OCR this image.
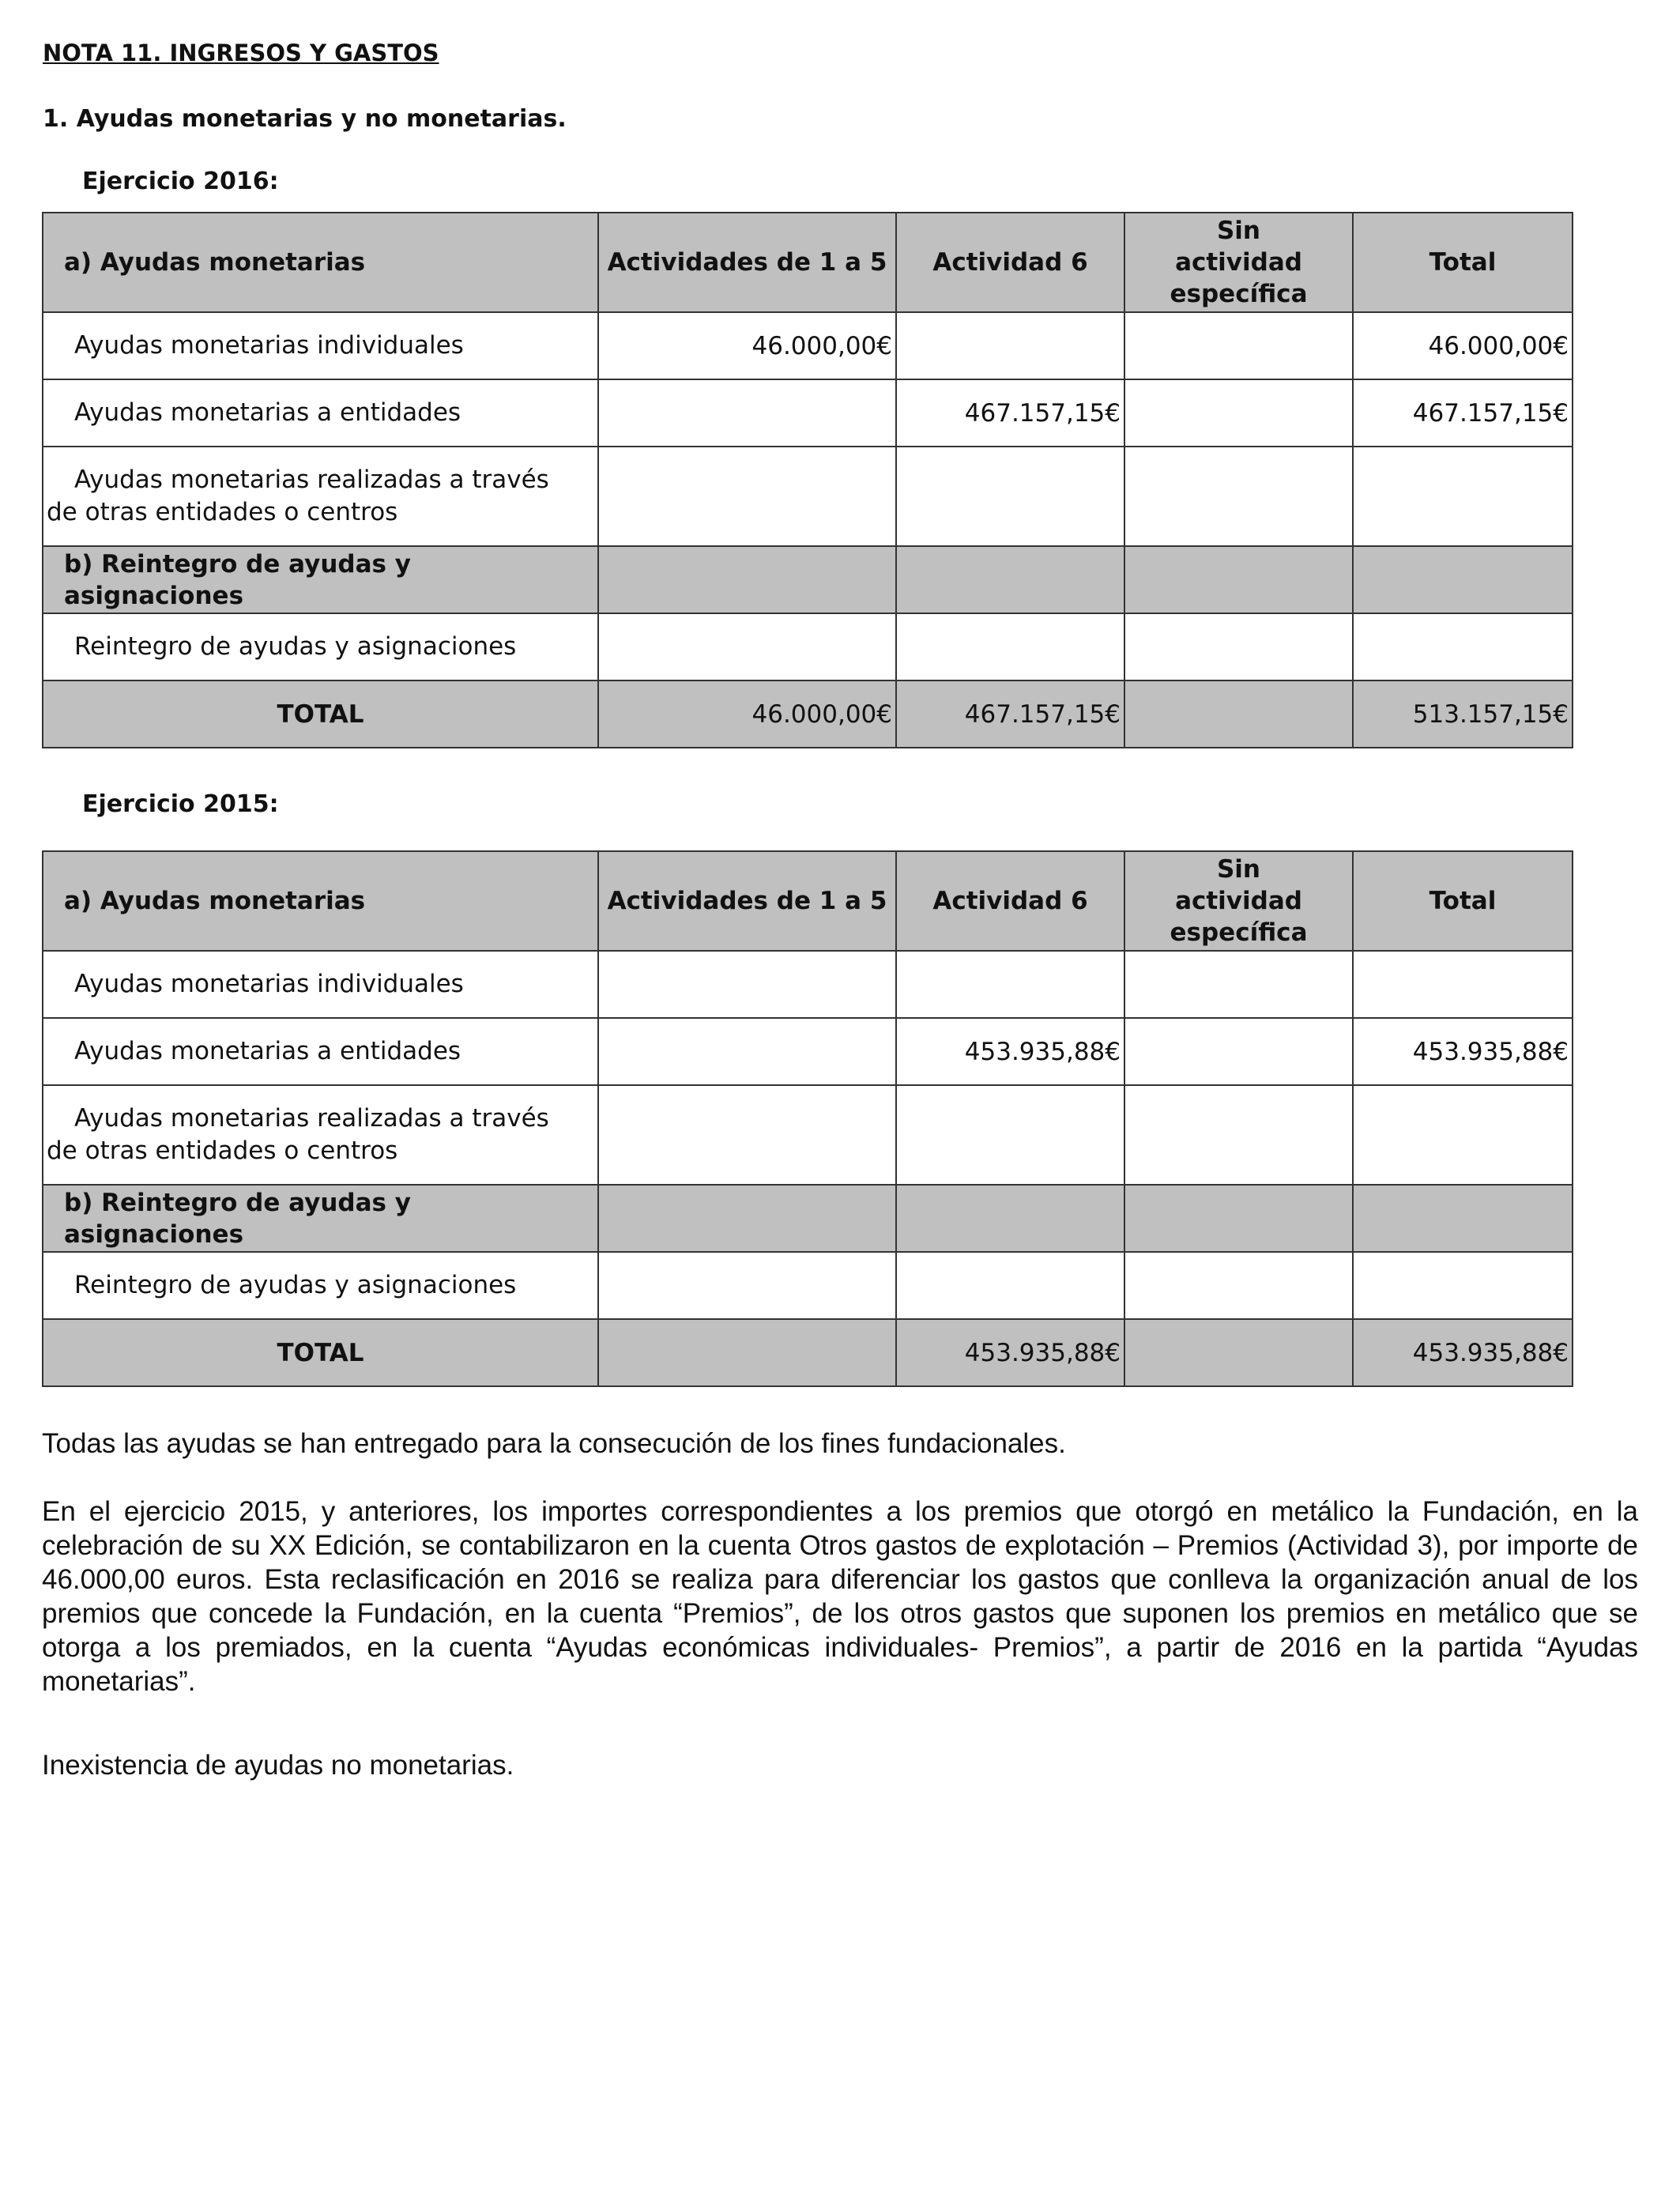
NOTA 11. INGRESOS Y GASTOS
1. Ayudas monetarias y no monetarias.
Ejercicio 2016:
a) Ayudas monetarias	Actividades de 1 a 5	Actividad 6	Sin actividad específica	Total
Ayudas monetarias individuales	46.000,00€			46.000,00€
Ayudas monetarias a entidades		467.157,15€		467.157,15€
Ayudas monetarias realizadas a través
de otras entidades o centros				
b) Reintegro de ayudas y asignaciones				
Reintegro de ayudas y asignaciones				
TOTAL	46.000,00€	467.157,15€		513.157,15€
Ejercicio 2015:
a) Ayudas monetarias	Actividades de 1 a 5	Actividad 6	Sin actividad específica	Total
Ayudas monetarias individuales				
Ayudas monetarias a entidades		453.935,88€		453.935,88€
Ayudas monetarias realizadas a través
de otras entidades o centros				
b) Reintegro de ayudas y asignaciones				
Reintegro de ayudas y asignaciones				
TOTAL		453.935,88€		453.935,88€

Todas las ayudas se han entregado para la consecución de los fines fundacionales.

En el ejercicio 2015, y anteriores, los importes correspondientes a los premios que otorgó en metálico la Fundación, en la celebración de su XX Edición, se contabilizaron en la cuenta Otros gastos de explotación – Premios (Actividad 3), por importe de 46.000,00 euros. Esta reclasificación en 2016 se realiza para diferenciar los gastos que conlleva la organización anual de los premios que concede la Fundación, en la cuenta “Premios”, de los otros gastos que suponen los premios en metálico que se otorga a los premiados, en la cuenta “Ayudas económicas individuales- Premios”, a partir de 2016 en la partida “Ayudas monetarias”.

Inexistencia de ayudas no monetarias.
